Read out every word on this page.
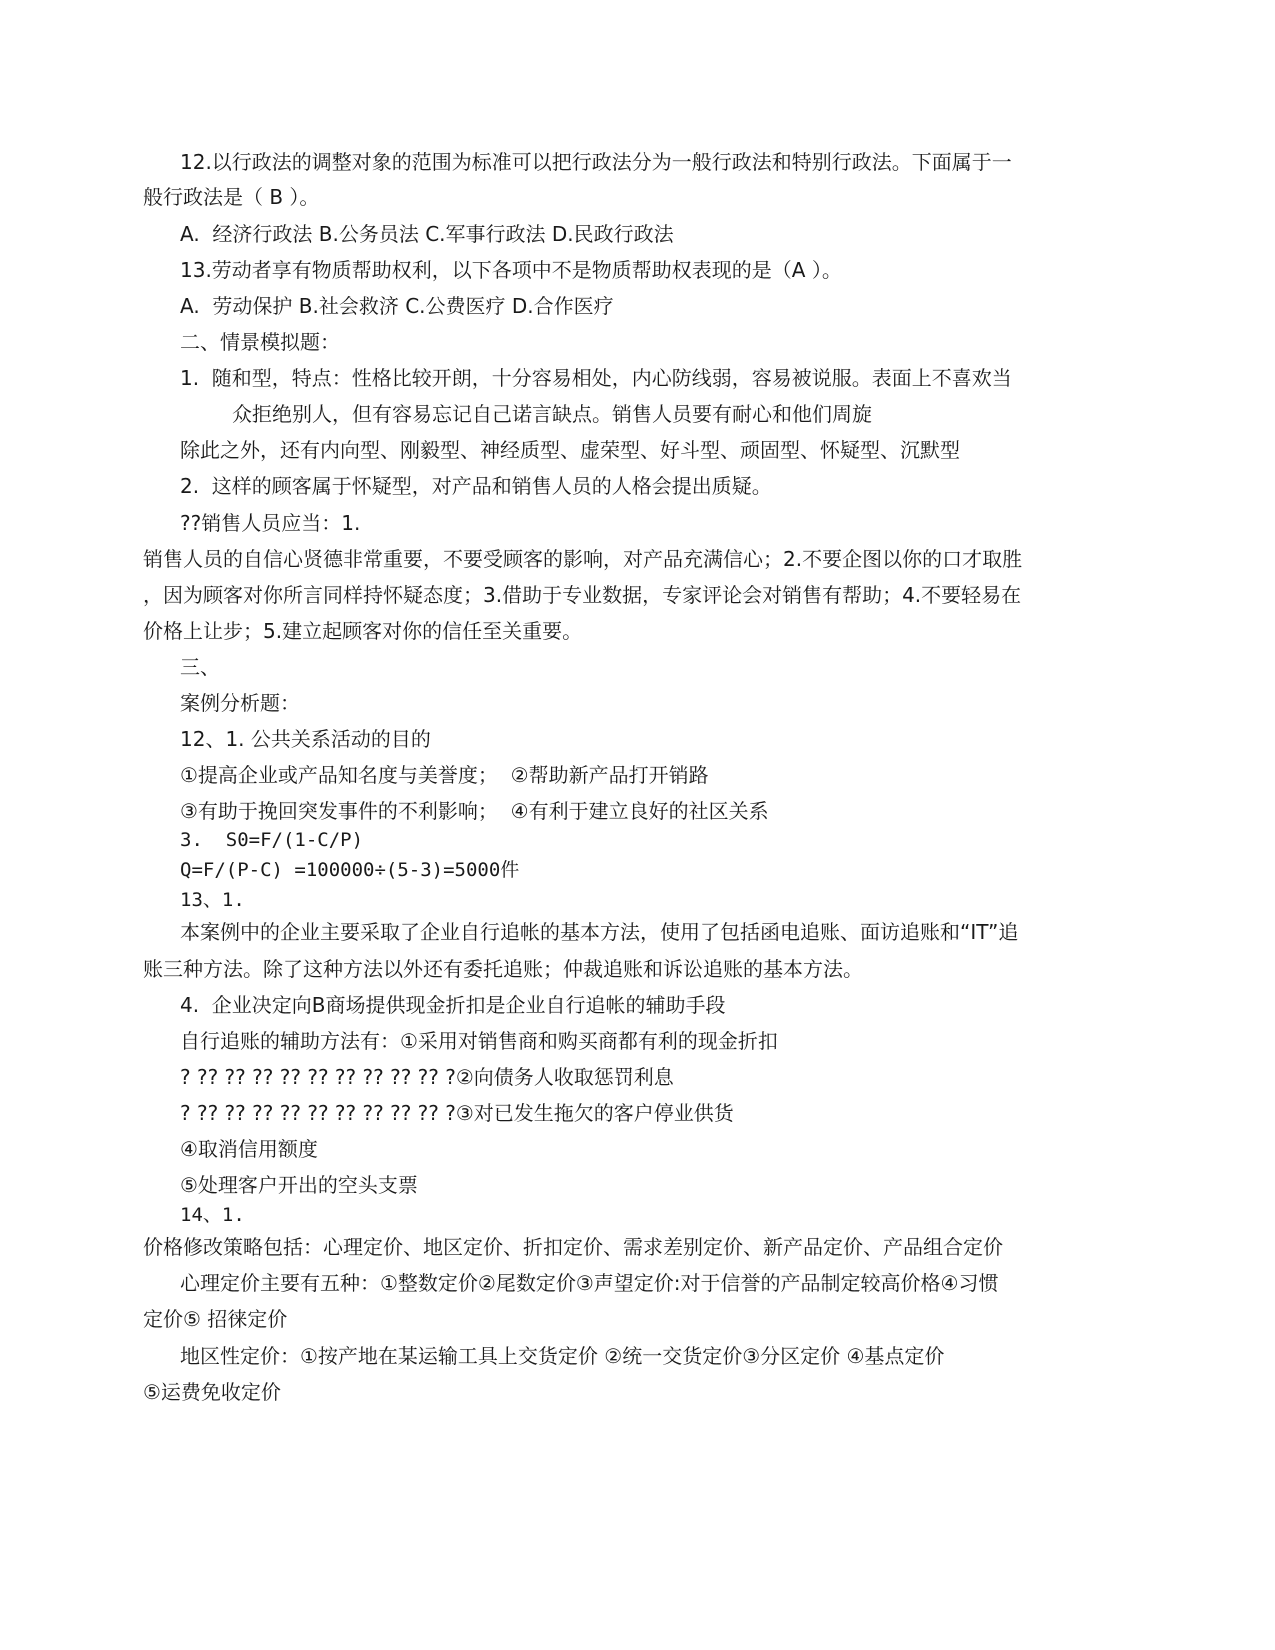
12.以行政法的调整对象的范围为标准可以把行政法分为一般行政法和特别行政法。下面属于一
般行政法是（ B ）。
A.  经济行政法 B.公务员法 C.军事行政法 D.民政行政法
13.劳动者享有物质帮助权利，以下各项中不是物质帮助权表现的是（A ）。
A.  劳动保护 B.社会救济 C.公费医疗 D.合作医疗
二、情景模拟题：
1.  随和型，特点：性格比较开朗，十分容易相处，内心防线弱，容易被说服。表面上不喜欢当
众拒绝别人，但有容易忘记自己诺言缺点。销售人员要有耐心和他们周旋
除此之外，还有内向型、刚毅型、神经质型、虚荣型、好斗型、顽固型、怀疑型、沉默型
2.  这样的顾客属于怀疑型，对产品和销售人员的人格会提出质疑。
??销售人员应当：1.
销售人员的自信心贤德非常重要，不要受顾客的影响，对产品充满信心；2.不要企图以你的口才取胜
，因为顾客对你所言同样持怀疑态度；3.借助于专业数据，专家评论会对销售有帮助；4.不要轻易在
价格上让步；5.建立起顾客对你的信任至关重要。
三、
案例分析题：
12、1. 公共关系活动的目的
①提高企业或产品知名度与美誉度；  ②帮助新产品打开销路
③有助于挽回突发事件的不利影响；  ④有利于建立良好的社区关系
3.  S0=F/(1-C/P)
Q=F/(P-C) =100000÷(5-3)=5000件
13、1.
本案例中的企业主要采取了企业自行追帐的基本方法，使用了包括函电追账、面访追账和“IT”追
账三种方法。除了这种方法以外还有委托追账；仲裁追账和诉讼追账的基本方法。
4.  企业决定向B商场提供现金折扣是企业自行追帐的辅助手段
自行追账的辅助方法有：①采用对销售商和购买商都有利的现金折扣
? ?? ?? ?? ?? ?? ?? ?? ?? ?? ?②向债务人收取惩罚利息
? ?? ?? ?? ?? ?? ?? ?? ?? ?? ?③对已发生拖欠的客户停业供货
④取消信用额度
⑤处理客户开出的空头支票
14、1.
价格修改策略包括：心理定价、地区定价、折扣定价、需求差别定价、新产品定价、产品组合定价
心理定价主要有五种：①整数定价②尾数定价③声望定价:对于信誉的产品制定较高价格④习惯
定价⑤ 招徕定价
地区性定价：①按产地在某运输工具上交货定价 ②统一交货定价③分区定价 ④基点定价
⑤运费免收定价
